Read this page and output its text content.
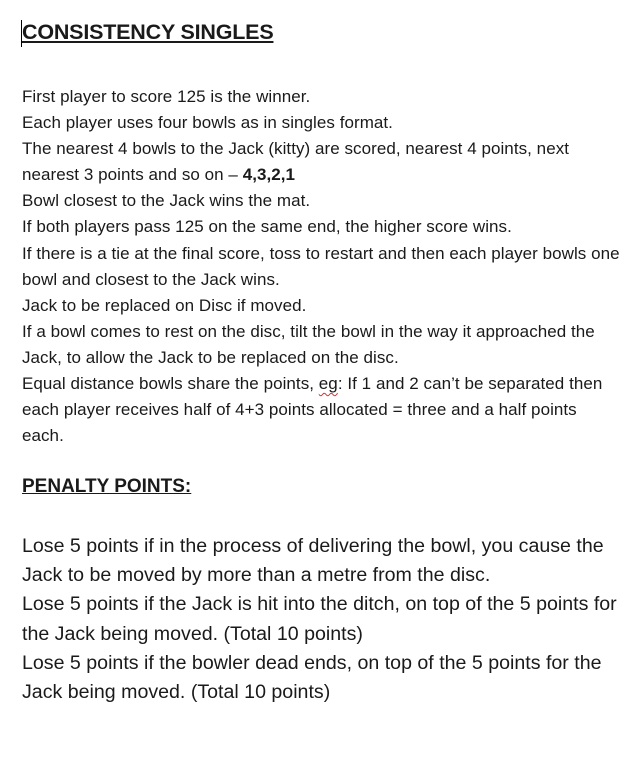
CONSISTENCY SINGLES

First player to score 125 is the winner.

Each player uses four bowls as in singles format.

The nearest 4 bowls to the Jack (kitty) are scored, nearest 4 points, next nearest 3 points and so on – 4,3,2,1

Bowl closest to the Jack wins the mat.

If both players pass 125 on the same end, the higher score wins.

If there is a tie at the final score, toss to restart and then each player bowls one bowl and closest to the Jack wins.

Jack to be replaced on Disc if moved.

If a bowl comes to rest on the disc, tilt the bowl in the way it approached the Jack, to allow the Jack to be replaced on the disc.

Equal distance bowls share the points, eg: If 1 and 2 can’t be separated then each player receives half of 4+3 points allocated = three and a half points each.

PENALTY POINTS:

Lose 5 points if in the process of delivering the bowl, you cause the Jack to be moved by more than a metre from the disc.

Lose 5 points if the Jack is hit into the ditch, on top of the 5 points for the Jack being moved. (Total 10 points)

Lose 5 points if the bowler dead ends, on top of the 5 points for the Jack being moved. (Total 10 points)
